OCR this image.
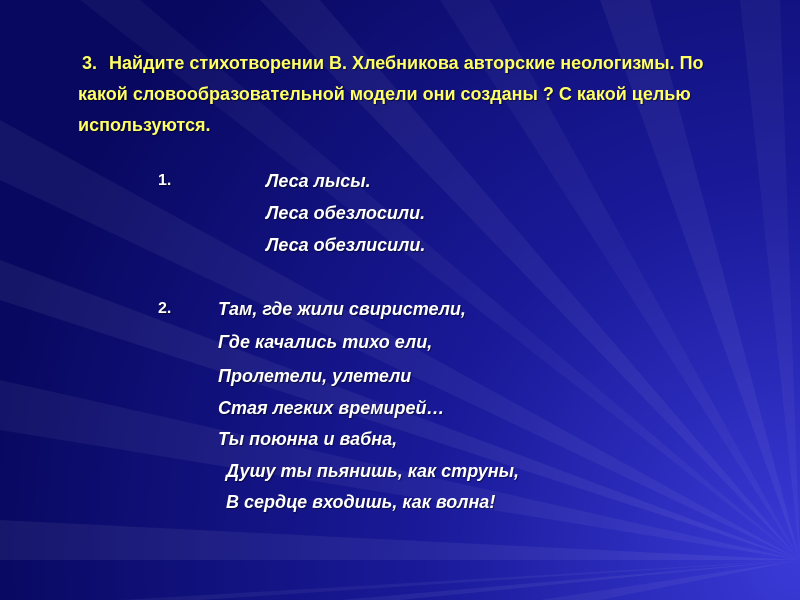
3. Найдите стихотворении В. Хлебникова авторские неологизмы. По какой словообразовательной модели они созданы ? С какой целью используются.
1.	Леса лысы.
Леса обезлосили.
Леса обезлисили.
2.	Там, где жили свиристели,
Где качались тихо ели,
Пролетели, улетели
Стая легких времирей…
Ты поюнна и вабна,
Душу ты пьянишь, как струны,
В сердце входишь, как волна!
